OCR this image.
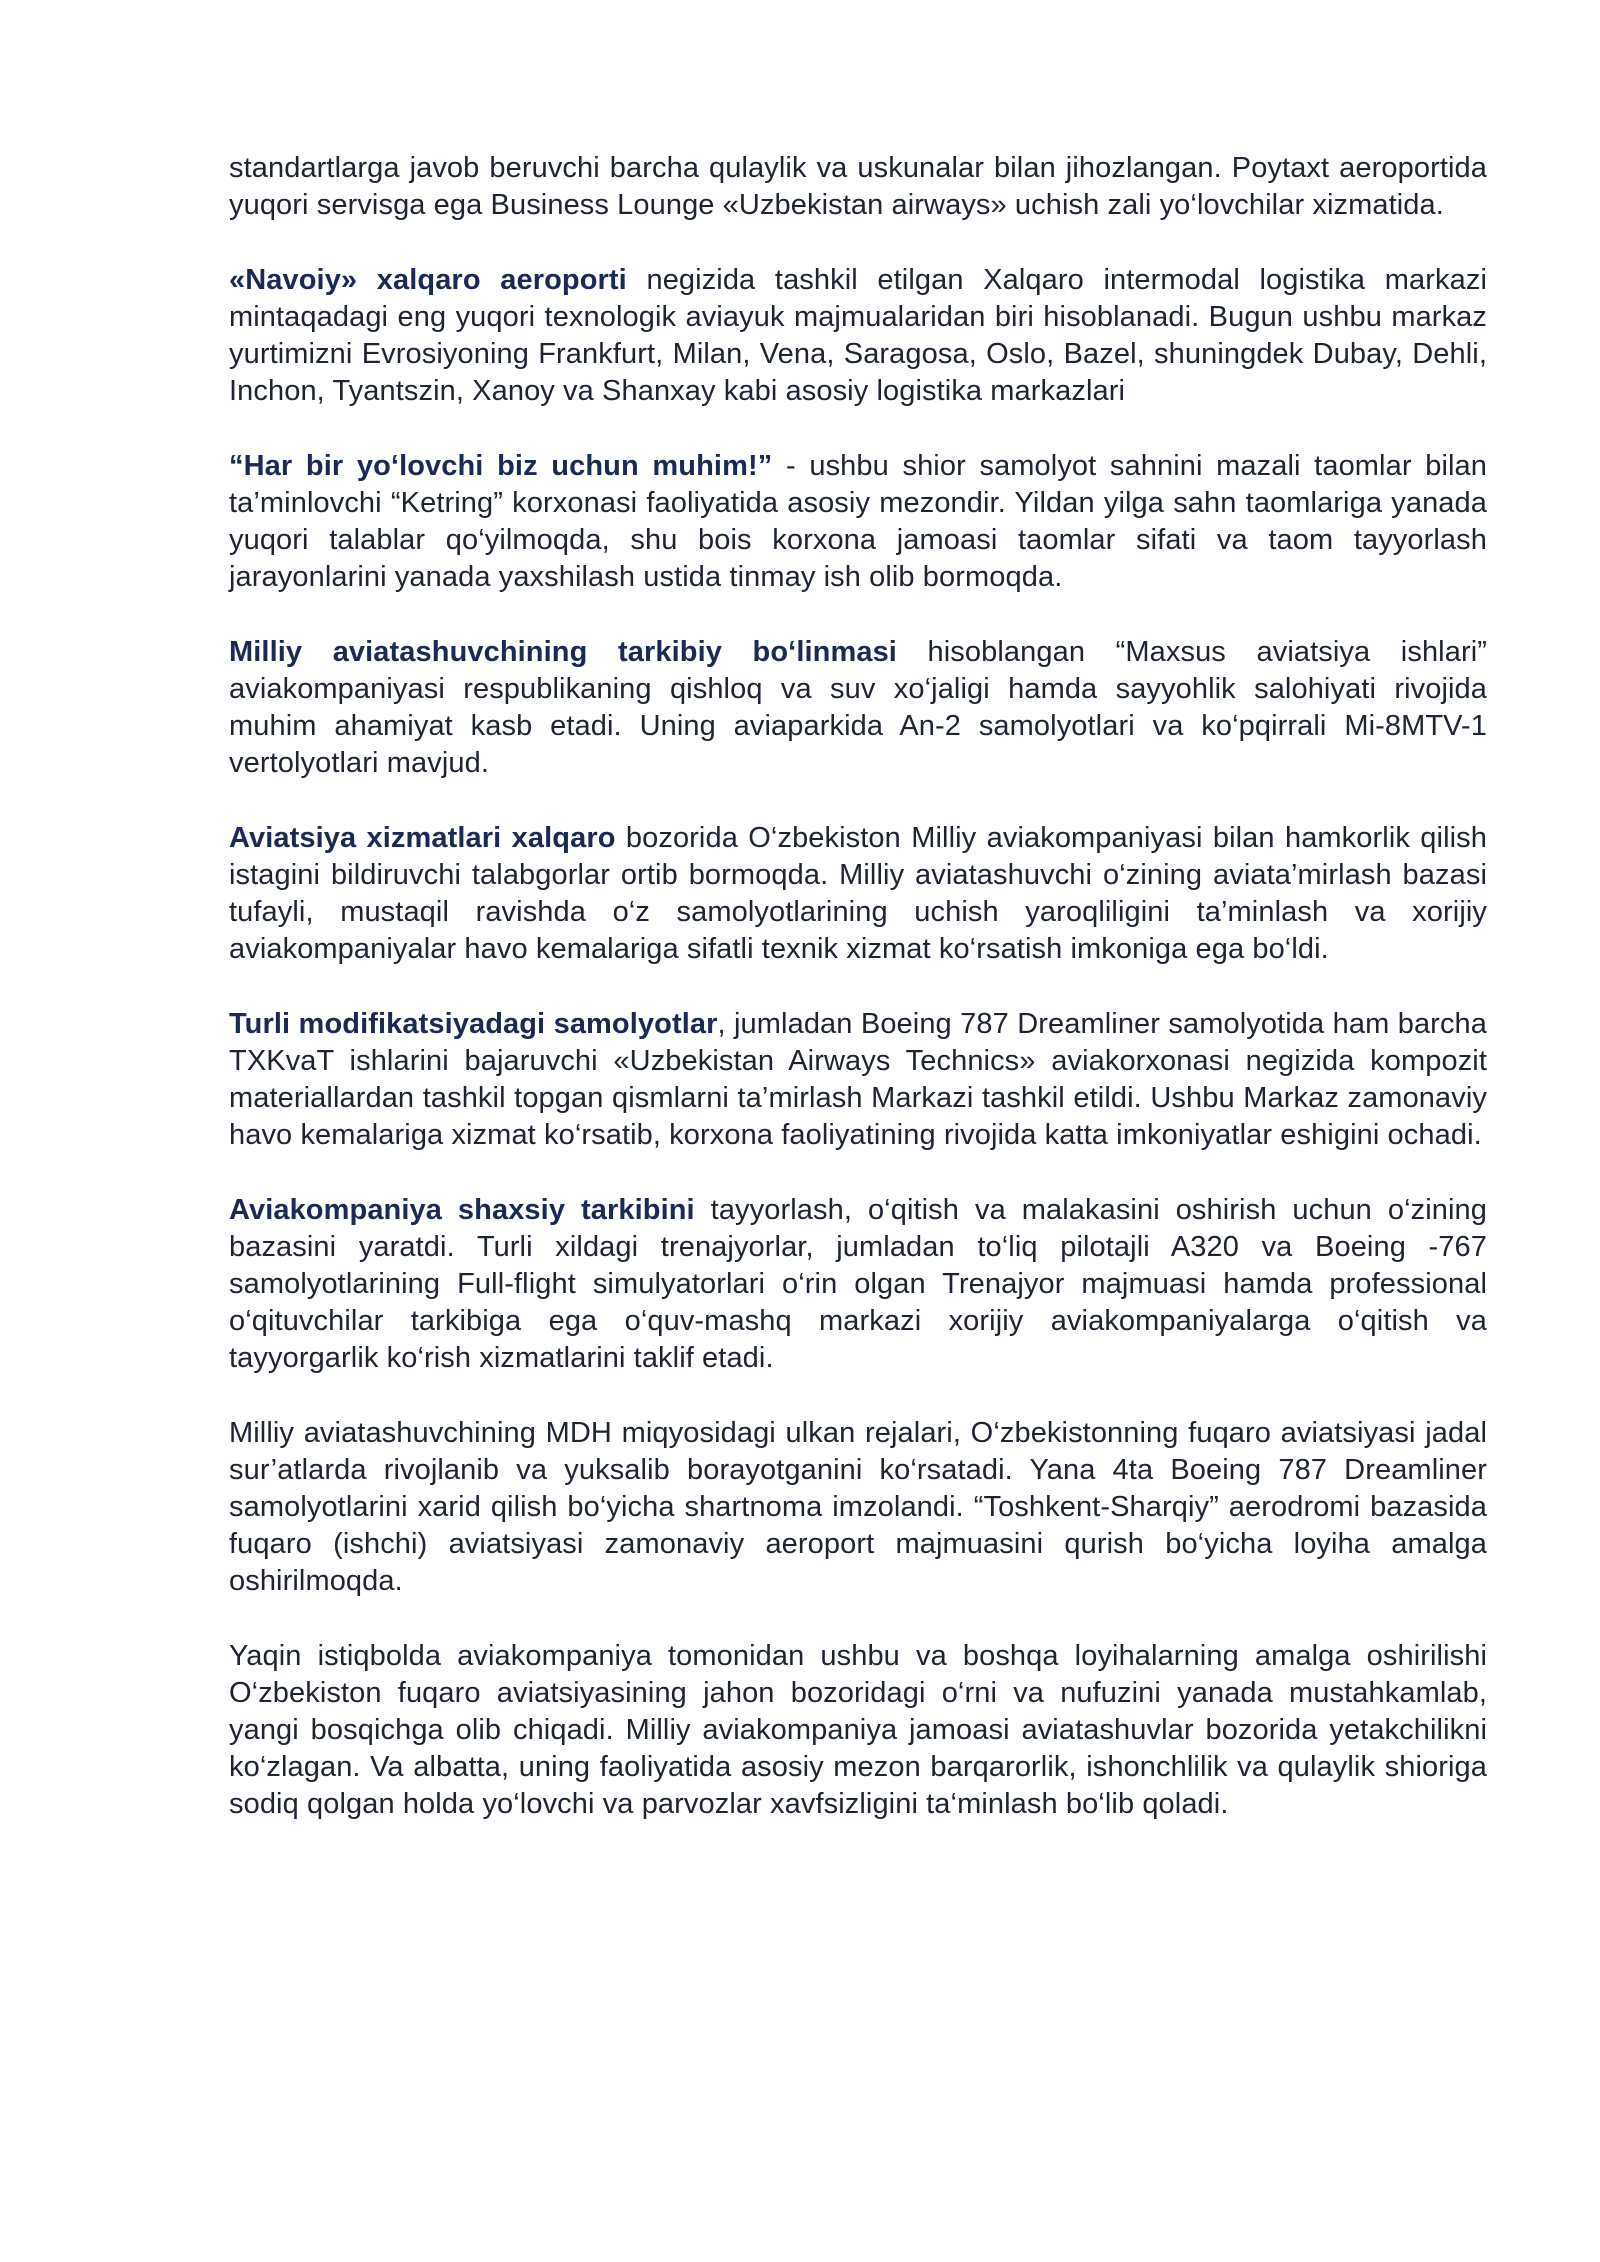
standartlarga javob beruvchi barcha qulaylik va uskunalar bilan jihozlangan. Poytaxt aeroportida yuqori servisga ega Business Lounge «Uzbekistan airways» uchish zali yo‘lovchilar xizmatida.

«Navoiy» xalqaro aeroporti negizida tashkil etilgan Xalqaro intermodal logistika markazi mintaqadagi eng yuqori texnologik aviayuk majmualaridan biri hisoblanadi. Bugun ushbu markaz yurtimizni Evrosiyoning Frankfurt, Milan, Vena, Saragosa, Oslo, Bazel, shuningdek Dubay, Dehli, Inchon, Tyantszin, Xanoy va Shanxay kabi asosiy logistika markazlari

“Har bir yo‘lovchi biz uchun muhim!” - ushbu shior samolyot sahnini mazali taomlar bilan ta’minlovchi “Ketring” korxonasi faoliyatida asosiy mezondir. Yildan yilga sahn taomlariga yanada yuqori talablar qo‘yilmoqda, shu bois korxona jamoasi taomlar sifati va taom tayyorlash jarayonlarini yanada yaxshilash ustida tinmay ish olib bormoqda.

Milliy aviatashuvchining tarkibiy bo‘linmasi hisoblangan “Maxsus aviatsiya ishlari” aviakompaniyasi respublikaning qishloq va suv xo‘jaligi hamda sayyohlik salohiyati rivojida muhim ahamiyat kasb etadi. Uning aviaparkida An-2 samolyotlari va ko‘pqirrali Mi-8MTV-1 vertolyotlari mavjud.

Aviatsiya xizmatlari xalqaro bozorida O‘zbekiston Milliy aviakompaniyasi bilan hamkorlik qilish istagini bildiruvchi talabgorlar ortib bormoqda. Milliy aviatashuvchi o‘zining aviata’mirlash bazasi tufayli, mustaqil ravishda o‘z samolyotlarining uchish yaroqliligini ta’minlash va xorijiy aviakompaniyalar havo kemalariga sifatli texnik xizmat ko‘rsatish imkoniga ega bo‘ldi.

Turli modifikatsiyadagi samolyotlar, jumladan Boeing 787 Dreamliner samolyotida ham barcha TXKvaT ishlarini bajaruvchi «Uzbekistan Airways Technics» aviakorxonasi negizida kompozit materiallardan tashkil topgan qismlarni ta’mirlash Markazi tashkil etildi. Ushbu Markaz zamonaviy havo kemalariga xizmat ko‘rsatib, korxona faoliyatining rivojida katta imkoniyatlar eshigini ochadi.

Aviakompaniya shaxsiy tarkibini tayyorlash, o‘qitish va malakasini oshirish uchun o‘zining bazasini yaratdi. Turli xildagi trenajyorlar, jumladan to‘liq pilotajli A320 va Boeing -767 samolyotlarining Full-flight simulyatorlari o‘rin olgan Trenajyor majmuasi hamda professional o‘qituvchilar tarkibiga ega o‘quv-mashq markazi xorijiy aviakompaniyalarga o‘qitish va tayyorgarlik ko‘rish xizmatlarini taklif etadi.

Milliy aviatashuvchining MDH miqyosidagi ulkan rejalari, O‘zbekistonning fuqaro aviatsiyasi jadal sur’atlarda rivojlanib va yuksalib borayotganini ko‘rsatadi. Yana 4ta Boeing 787 Dreamliner samolyotlarini xarid qilish bo‘yicha shartnoma imzolandi. “Toshkent-Sharqiy” aerodromi bazasida fuqaro (ishchi) aviatsiyasi zamonaviy aeroport majmuasini qurish bo‘yicha loyiha amalga oshirilmoqda.

Yaqin istiqbolda aviakompaniya tomonidan ushbu va boshqa loyihalarning amalga oshirilishi O‘zbekiston fuqaro aviatsiyasining jahon bozoridagi o‘rni va nufuzini yanada mustahkamlab, yangi bosqichga olib chiqadi. Milliy aviakompaniya jamoasi aviatashuvlar bozorida yetakchilikni ko‘zlagan. Va albatta, uning faoliyatida asosiy mezon barqarorlik, ishonchlilik va qulaylik shioriga sodiq qolgan holda yo‘lovchi va parvozlar xavfsizligini ta‘minlash bo‘lib qoladi.
